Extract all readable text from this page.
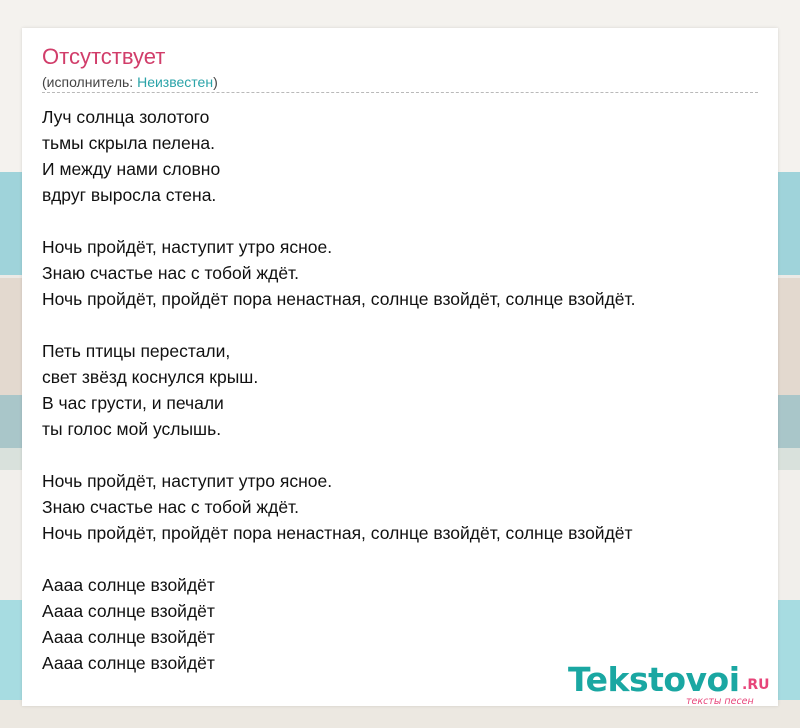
Отсутствует
(исполнитель: Неизвестен)

Луч солнца золотого
тьмы скрыла пелена.
И между нами словно
вдруг выросла стена.

Ночь пройдёт, наступит утро ясное.
Знаю счастье нас с тобой ждёт.
Ночь пройдёт, пройдёт пора ненастная, солнце взойдёт, солнце взойдёт.

Петь птицы перестали,
свет звёзд коснулся крыш.
В час грусти, и печали
ты голос мой услышь.

Ночь пройдёт, наступит утро ясное.
Знаю счастье нас с тобой ждёт.
Ночь пройдёт, пройдёт пора ненастная, солнце взойдёт, солнце взойдёт

Аааа солнце взойдёт
Аааа солнце взойдёт
Аааа солнце взойдёт
Аааа солнце взойдёт	Tekstovoi .RU
тексты песен
